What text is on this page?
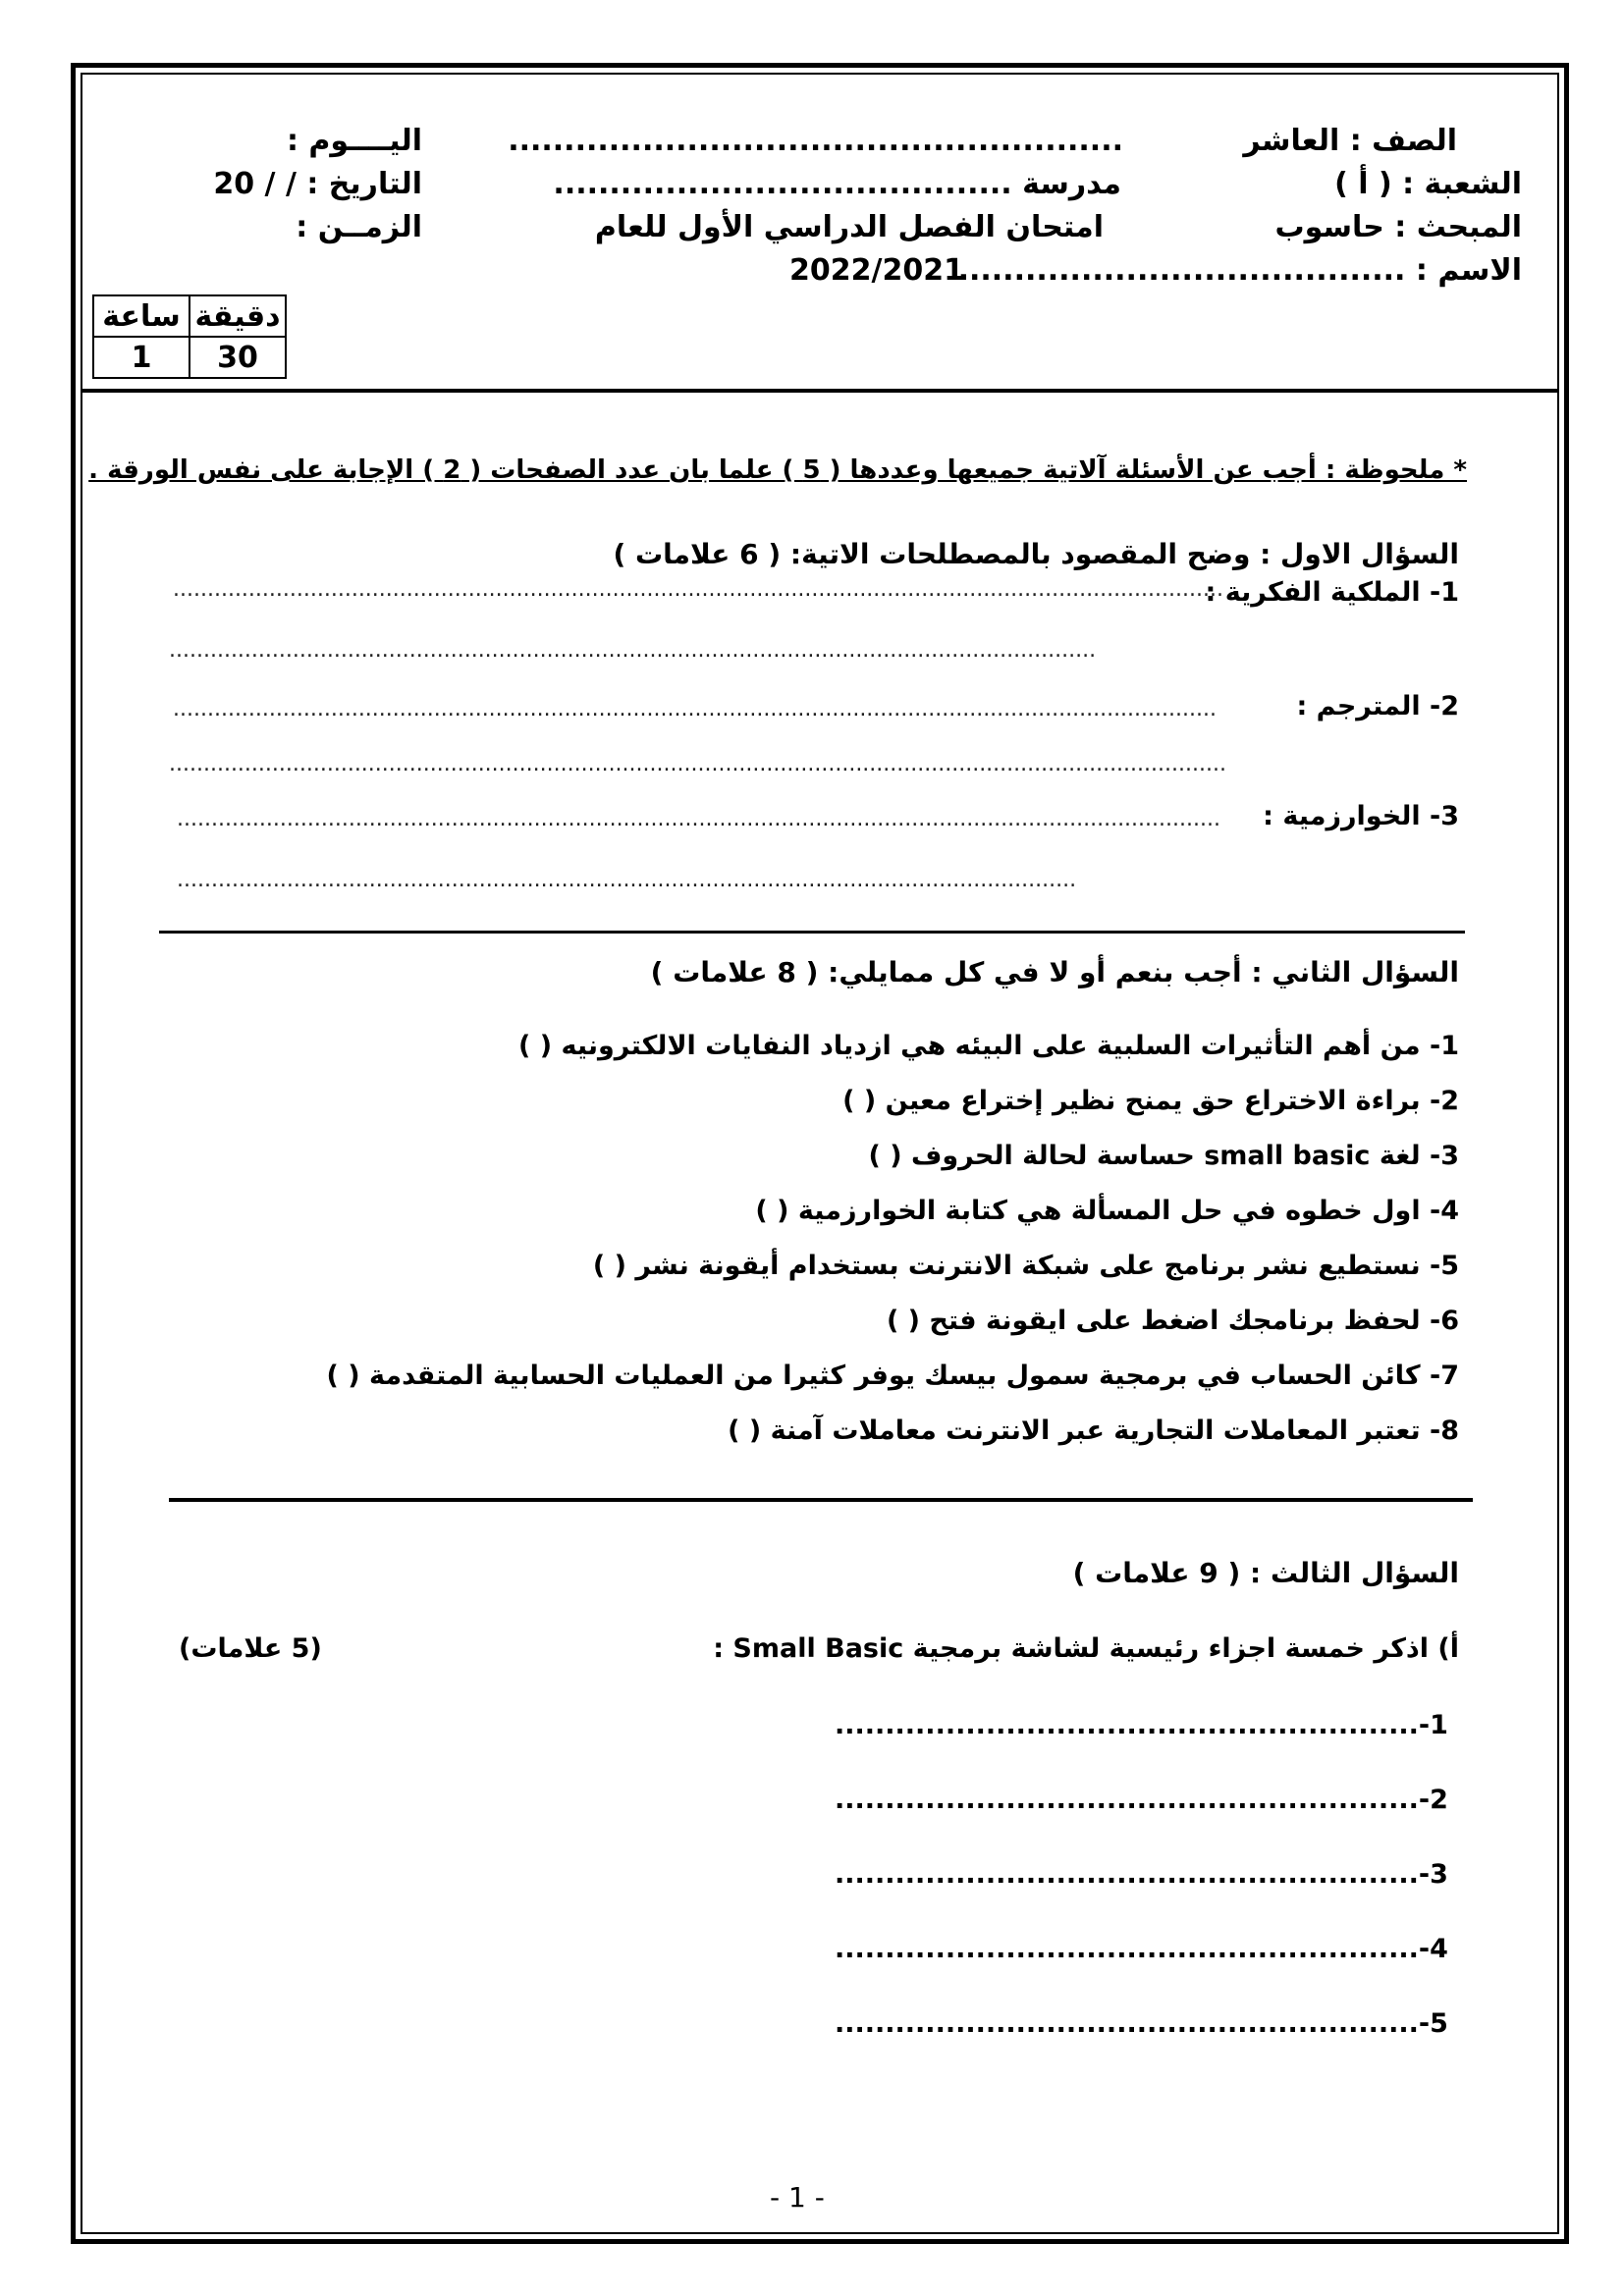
الصف : العاشر
الشعبة : ( أ )
المبحث : حاسوب
الاسم : ........................................
.......................................................
مدرسة .........................................
امتحان الفصل الدراسي الأول للعام
2022/2021
اليــــوم :
التاريخ : / / 20
الزمــن :
ساعة	دقيقة
1	30
* ملحوظة : أجب عن الأسئلة آلاتية جميعها وعددها ( 5 ) علما بان عدد الصفحات ( 2 ) الإجابة على نفس الورقة .
السؤال الاول : وضح المقصود بالمصطلحات الاتية: ( 6 علامات )
1- الملكية الفكرية :
.........................................................................................................................................................
.......................................................................................................................................
2- المترجم :
........................................................................................................................................................
..........................................................................................................................................................
3- الخوارزمية :
........................................................................................................................................................
...................................................................................................................................
السؤال الثاني : أجب بنعم أو لا في كل ممايلي: ( 8 علامات )
1- من أهم التأثيرات السلبية على البيئه هي ازدياد النفايات الالكترونيه ( )
2- براءة الاختراع حق يمنح نظير إختراع معين ( )
3- لغة small basic حساسة لحالة الحروف ( )
4- اول خطوه في حل المسألة هي كتابة الخوارزمية ( )
5- نستطيع نشر برنامج على شبكة الانترنت بستخدام أيقونة نشر ( )
6- لحفظ برنامجك اضغط على ايقونة فتح ( )
7- كائن الحساب في برمجية سمول بيسك يوفر كثيرا من العمليات الحسابية المتقدمة ( )
8- تعتبر المعاملات التجارية عبر الانترنت معاملات آمنة ( )
السؤال الثالث : ( 9 علامات )
أ) اذكر خمسة اجزاء رئيسية لشاشة برمجية Small Basic :
(5 علامات)
..........................................................-1
..........................................................-2
..........................................................-3
..........................................................-4
..........................................................-5
- 1 -
